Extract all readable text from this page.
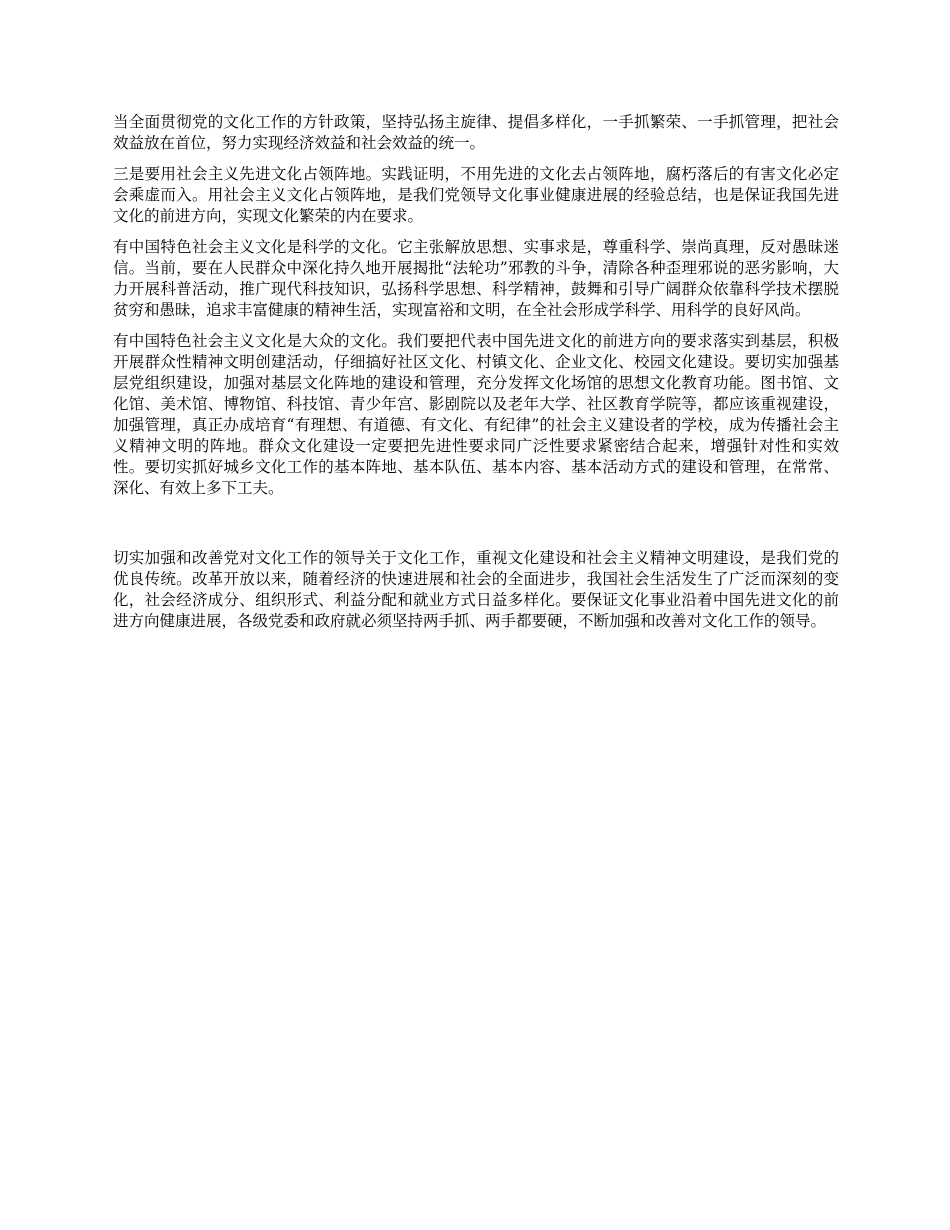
当全面贯彻党的文化工作的方针政策，坚持弘扬主旋律、提倡多样化，一手抓繁荣、一手抓管理，把社会效益放在首位，努力实现经济效益和社会效益的统一。

三是要用社会主义先进文化占领阵地。实践证明，不用先进的文化去占领阵地，腐朽落后的有害文化必定会乘虚而入。用社会主义文化占领阵地，是我们党领导文化事业健康进展的经验总结，也是保证我国先进文化的前进方向，实现文化繁荣的内在要求。

有中国特色社会主义文化是科学的文化。它主张解放思想、实事求是，尊重科学、崇尚真理，反对愚昧迷信。当前，要在人民群众中深化持久地开展揭批“法轮功”邪教的斗争，清除各种歪理邪说的恶劣影响，大力开展科普活动，推广现代科技知识，弘扬科学思想、科学精神，鼓舞和引导广阔群众依靠科学技术摆脱贫穷和愚昧，追求丰富健康的精神生活，实现富裕和文明，在全社会形成学科学、用科学的良好风尚。

有中国特色社会主义文化是大众的文化。我们要把代表中国先进文化的前进方向的要求落实到基层，积极开展群众性精神文明创建活动，仔细搞好社区文化、村镇文化、企业文化、校园文化建设。要切实加强基层党组织建设，加强对基层文化阵地的建设和管理，充分发挥文化场馆的思想文化教育功能。图书馆、文化馆、美术馆、博物馆、科技馆、青少年宫、影剧院以及老年大学、社区教育学院等，都应该重视建设，加强管理，真正办成培育“有理想、有道德、有文化、有纪律”的社会主义建设者的学校，成为传播社会主义精神文明的阵地。群众文化建设一定要把先进性要求同广泛性要求紧密结合起来，增强针对性和实效性。要切实抓好城乡文化工作的基本阵地、基本队伍、基本内容、基本活动方式的建设和管理，在常常、深化、有效上多下工夫。

切实加强和改善党对文化工作的领导关于文化工作，重视文化建设和社会主义精神文明建设，是我们党的优良传统。改革开放以来，随着经济的快速进展和社会的全面进步，我国社会生活发生了广泛而深刻的变化，社会经济成分、组织形式、利益分配和就业方式日益多样化。要保证文化事业沿着中国先进文化的前进方向健康进展，各级党委和政府就必须坚持两手抓、两手都要硬，不断加强和改善对文化工作的领导。
